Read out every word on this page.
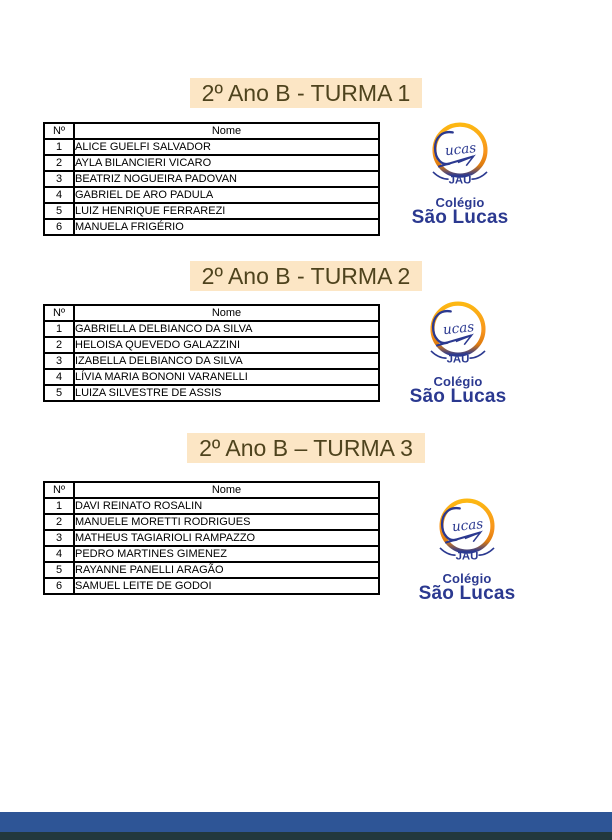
2º Ano B - TURMA 1
Nº	Nome
1	ALICE GUELFI SALVADOR
2	AYLA BILANCIERI VICARO
3	BEATRIZ NOGUEIRA PADOVAN
4	GABRIEL DE ARO PADULA
5	LUIZ HENRIQUE FERRAREZI
6	MANUELA FRIGÉRIO
ucas
JAÚ
Colégio
São Lucas
2º Ano B - TURMA 2
Nº	Nome
1	GABRIELLA DELBIANCO DA SILVA
2	HELOISA QUEVEDO GALAZZINI
3	IZABELLA DELBIANCO DA SILVA
4	LÍVIA MARIA BONONI VARANELLI
5	LUIZA SILVESTRE DE ASSIS
ucas
JAÚ
Colégio
São Lucas
2º Ano B – TURMA 3
Nº	Nome
1	DAVI REINATO ROSALIN
2	MANUELE MORETTI RODRIGUES
3	MATHEUS TAGIARIOLI RAMPAZZO
4	PEDRO MARTINES GIMENEZ
5	RAYANNE PANELLI ARAGÃO
6	SAMUEL LEITE DE GODOI
ucas
JAÚ
Colégio
São Lucas
